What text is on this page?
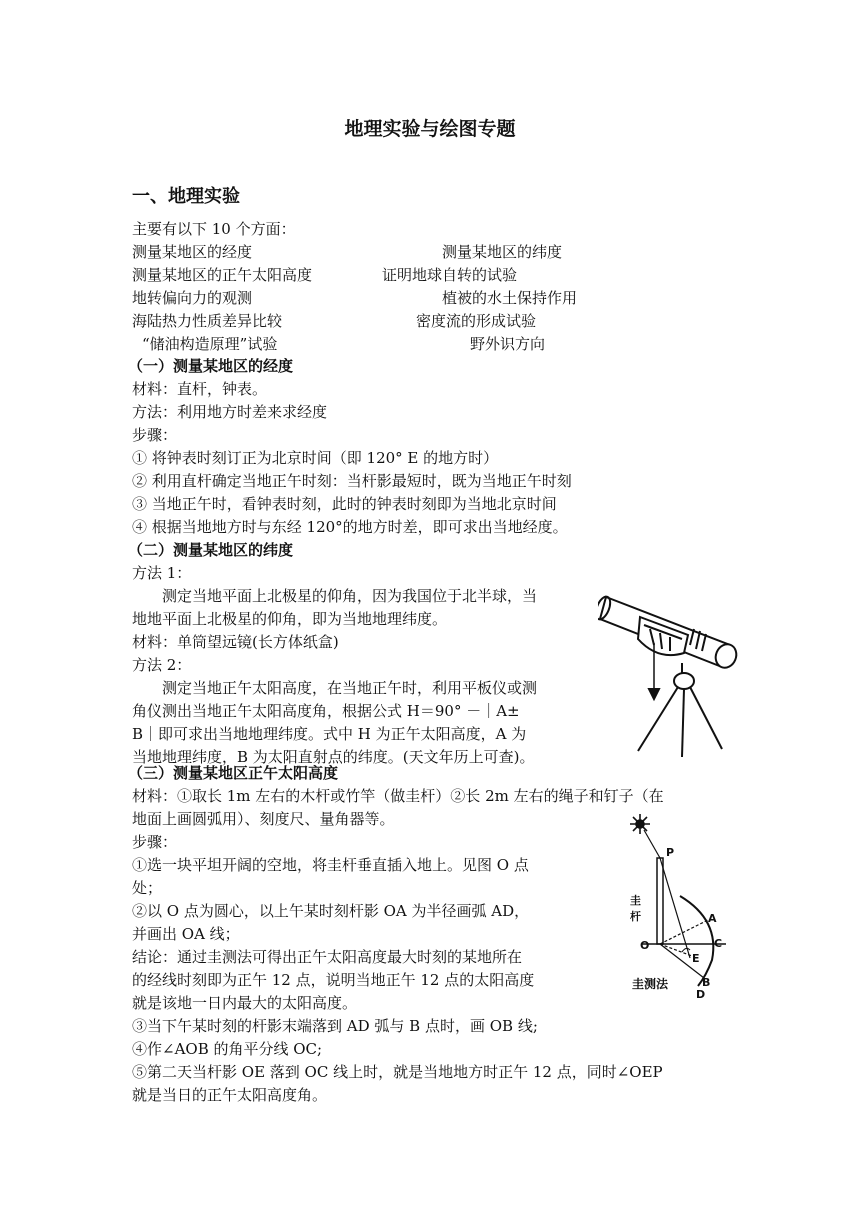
地理实验与绘图专题
一、地理实验
主要有以下 10 个方面：
测量某地区的经度	测量某地区的纬度
测量某地区的正午太阳高度	证明地球自转的试验
地转偏向力的观测	植被的水土保持作用
海陆热力性质差异比较	密度流的形成试验
“储油构造原理”试验	野外识方向
（一）测量某地区的经度
材料：直杆，钟表。
方法：利用地方时差来求经度
步骤：
① 将钟表时刻订正为北京时间（即 120° E 的地方时）
② 利用直杆确定当地正午时刻：当杆影最短时，既为当地正午时刻
③ 当地正午时，看钟表时刻，此时的钟表时刻即为当地北京时间
④ 根据当地地方时与东经 120°的地方时差，即可求出当地经度。
（二）测量某地区的纬度
方法 1：
　　测定当地平面上北极星的仰角，因为我国位于北半球，当
地地平面上北极星的仰角，即为当地地理纬度。
材料：单筒望远镜(长方体纸盒)
方法 2：
　　测定当地正午太阳高度，在当地正午时，利用平板仪或测
角仪测出当地正午太阳高度角，根据公式 H＝90° －｜A±
B｜即可求出当地地理纬度。式中 H 为正午太阳高度，A 为
当地地理纬度，B 为太阳直射点的纬度。(天文年历上可查)。
（三）测量某地区正午太阳高度
材料：①取长 1m 左右的木杆或竹竿（做圭杆）②长 2m 左右的绳子和钉子（在
地面上画圆弧用）、刻度尺、量角器等。
步骤：
①选一块平坦开阔的空地，将圭杆垂直插入地上。见图 O 点
处；
②以 O 点为圆心，以上午某时刻杆影 OA 为半径画弧 AD，
并画出 OA 线；
结论：通过圭测法可得出正午太阳高度最大时刻的某地所在
的经线时刻即为正午 12 点，说明当地正午 12 点的太阳高度
就是该地一日内最大的太阳高度。
③当下午某时刻的杆影末端落到 AD 弧与 B 点时，画 OB 线;
④作∠AOB 的角平分线 OC;
⑤第二天当杆影 OE 落到 OC 线上时，就是当地地方时正午 12 点，同时∠OEP
就是当日的正午太阳高度角。
P
圭
杆
O
A
C
E
B
D
圭测法
